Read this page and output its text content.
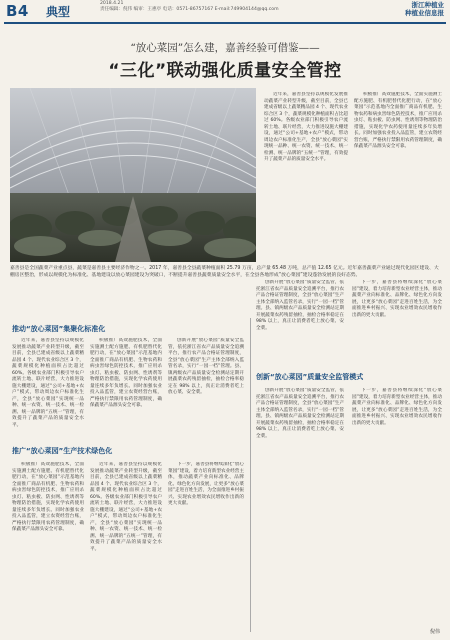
B4 典型
2018.4.21
责任编辑：倪伟 编审：王惠亭 电话：0571-86757167 E-mail:749904144@qq.com
浙江种植业
种植业信息报
“放心菜园”怎么建，嘉善经验可借鉴——
“三化”联动强化质量安全管控

近年来，嘉善县坚持以规模化发展推动蔬菜产业转型升级，截至目前，全县已建成省级以上蔬菜精品园 4 个、现代农业综合区 3 个，蔬菜规模化种植面积占比超过 60%。各级农业部门积极引导农户流转土地、联片经营，大力推进设施大棚建设，通过“公司+基地+农户”模式，带动周边农户标准化生产，全县“放心菜园”实现统一品种、统一农资、统一技术、统一检测、统一品牌的“五统一”管理，有效提升了蔬菜产品的质量安全水平。

积极推广高效施肥技术，全面实施测土配方施肥、有机肥替代化肥行动，在“放心菜园”示范基地内全面推广商品有机肥、生物农药和病虫害绿色防控技术，推广应用杀虫灯、粘虫板、防虫网、性诱剂等物理防治措施，实现化学农药使用量连续多年负增长。同时加强农业投入品监管，建立农资经营台账，严格执行禁限用农药管理制度，确保蔬菜产品源头安全可靠。

嘉善县是全国蔬菜产业重点县，蔬菜是嘉善县主要经济作物之一。2017 年，嘉善县全县蔬菜种植面积 25.79 万亩，总产量 65.48 万吨，总产值 12.65 亿元。近年嘉善蔬菜产业通过现代化园区建设、大棚房区整治，形成以规模化为标准化、基地建设以放心菜园建设为突破口，不断提升嘉善县蔬菜质量安全水平，在全县各地形成“放心菜园”建设蓬勃发展的良好态势。
推动“放心菜园”集聚化标准化

近年来，嘉善县坚持以规模化发展推动蔬菜产业转型升级，截至目前，全县已建成省级以上蔬菜精品园 4 个、现代农业综合区 3 个，蔬菜规模化种植面积占比超过 60%。各级农业部门积极引导农户流转土地、联片经营，大力推进设施大棚建设，通过“公司+基地+农户”模式，带动周边农户标准化生产，全县“放心菜园”实现统一品种、统一农资、统一技术、统一检测、统一品牌的“五统一”管理，有效提升了蔬菜产品的质量安全水平。

积极推广高效施肥技术，全面实施测土配方施肥、有机肥替代化肥行动，在“放心菜园”示范基地内全面推广商品有机肥、生物农药和病虫害绿色防控技术，推广应用杀虫灯、粘虫板、防虫网、性诱剂等物理防治措施，实现化学农药使用量连续多年负增长。同时加强农业投入品监管，建立农资经营台账，严格执行禁限用农药管理制度，确保蔬菜产品源头安全可靠。

创新开展“放心菜园”质量安全监管，依托浙江省农产品质量安全追溯平台，推行农产品合格证管理制度，全县“放心菜园”生产主体全部纳入监管名录，实行“一园一档”管理。县、镇两级农产品质量安全检测站定期开展蔬菜农药残留抽检，抽检合格率稳定在 98% 以上，真正让消费者吃上放心菜、安全菜。

推广“放心菜园”生产技术绿色化

积极推广高效施肥技术，全面实施测土配方施肥、有机肥替代化肥行动，在“放心菜园”示范基地内全面推广商品有机肥、生物农药和病虫害绿色防控技术，推广应用杀虫灯、粘虫板、防虫网、性诱剂等物理防治措施，实现化学农药使用量连续多年负增长。同时加强农业投入品监管，建立农资经营台账，严格执行禁限用农药管理制度，确保蔬菜产品源头安全可靠。

近年来，嘉善县坚持以规模化发展推动蔬菜产业转型升级，截至目前，全县已建成省级以上蔬菜精品园 4 个、现代农业综合区 3 个，蔬菜规模化种植面积占比超过 60%。各级农业部门积极引导农户流转土地、联片经营，大力推进设施大棚建设，通过“公司+基地+农户”模式，带动周边农户标准化生产，全县“放心菜园”实现统一品种、统一农资、统一技术、统一检测、统一品牌的“五统一”管理，有效提升了蔬菜产品的质量安全水平。

下一步，嘉善县将继续深化“放心菜园”建设，着力培育新型农业经营主体，推动蔬菜产业向标准化、品牌化、绿色化方向发展，让更多“放心菜园”走进百姓生活，为全面推进乡村振兴、实现农业增效农民增收作出新的更大贡献。

创新开展“放心菜园”质量安全监管，依托浙江省农产品质量安全追溯平台，推行农产品合格证管理制度，全县“放心菜园”生产主体全部纳入监管名录，实行“一园一档”管理。县、镇两级农产品质量安全检测站定期开展蔬菜农药残留抽检，抽检合格率稳定在 98% 以上，真正让消费者吃上放心菜、安全菜。

下一步，嘉善县将继续深化“放心菜园”建设，着力培育新型农业经营主体，推动蔬菜产业向标准化、品牌化、绿色化方向发展，让更多“放心菜园”走进百姓生活，为全面推进乡村振兴、实现农业增效农民增收作出新的更大贡献。

创新“放心菜园”质量安全监管模式

创新开展“放心菜园”质量安全监管，依托浙江省农产品质量安全追溯平台，推行农产品合格证管理制度，全县“放心菜园”生产主体全部纳入监管名录，实行“一园一档”管理。县、镇两级农产品质量安全检测站定期开展蔬菜农药残留抽检，抽检合格率稳定在 98% 以上，真正让消费者吃上放心菜、安全菜。

下一步，嘉善县将继续深化“放心菜园”建设，着力培育新型农业经营主体，推动蔬菜产业向标准化、品牌化、绿色化方向发展，让更多“放心菜园”走进百姓生活，为全面推进乡村振兴、实现农业增效农民增收作出新的更大贡献。

倪伟
